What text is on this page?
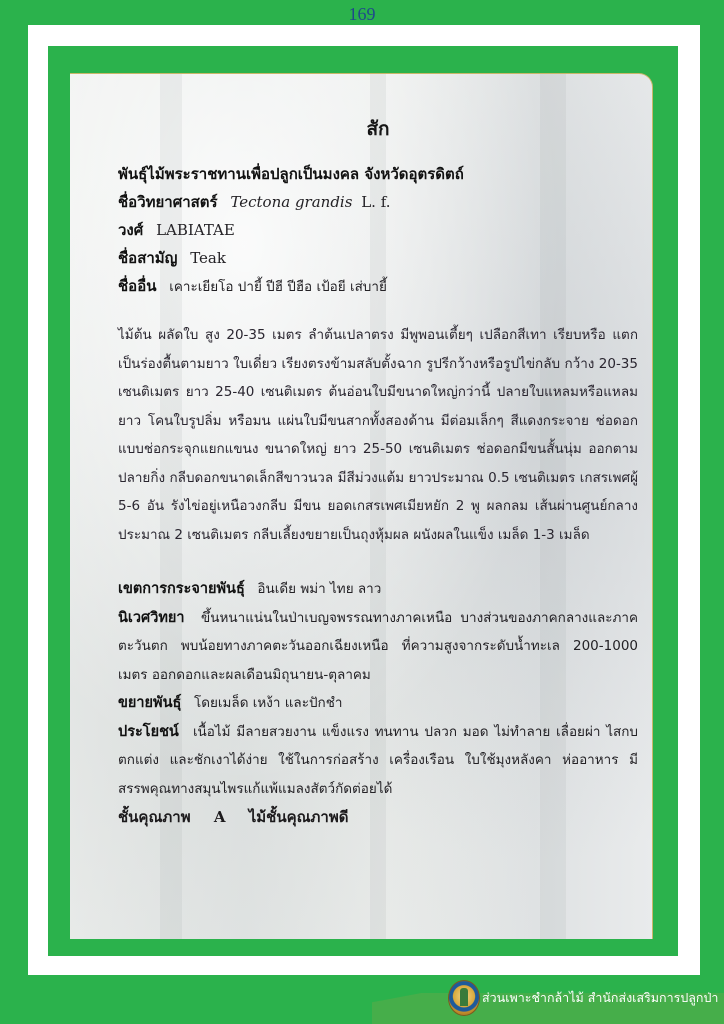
169
สัก
พันธุ์ไม้พระราชทานเพื่อปลูกเป็นมงคล จังหวัดอุตรดิตถ์
ชื่อวิทยาศาสตร์ Tectona grandis L. f.
วงศ์ LABIATAE
ชื่อสามัญ Teak
ชื่ออื่น เคาะเยียโอ ปายี้ ปีฮี ปีฮือ เป้อยี เส่บายี้
ไม้ต้น ผลัดใบ สูง 20-35 เมตร ลำต้นเปลาตรง มีพูพอนเตี้ยๆ เปลือกสีเทา เรียบหรือ แตกเป็นร่องตื้นตามยาว ใบเดี่ยว เรียงตรงข้ามสลับตั้งฉาก รูปรีกว้างหรือรูปไข่กลับ กว้าง 20-35 เซนติเมตร ยาว 25-40 เซนติเมตร ต้นอ่อนใบมีขนาดใหญ่กว่านี้ ปลายใบแหลมหรือแหลมยาว โคนใบรูปลิ่ม หรือมน แผ่นใบมีขนสากทั้งสองด้าน มีต่อมเล็กๆ สีแดงกระจาย ช่อดอกแบบช่อกระจุกแยกแขนง ขนาดใหญ่ ยาว 25-50 เซนติเมตร ช่อดอกมีขนสั้นนุ่ม ออกตามปลายกิ่ง กลีบดอกขนาดเล็กสีขาวนวล มีสีม่วงแต้ม ยาวประมาณ 0.5 เซนติเมตร เกสรเพศผู้ 5-6 อัน รังไข่อยู่เหนือวงกลีบ มีขน ยอดเกสรเพศเมียหยัก 2 พู ผลกลม เส้นผ่านศูนย์กลางประมาณ 2 เซนติเมตร กลีบเลี้ยงขยายเป็นถุงหุ้มผล ผนังผลในแข็ง เมล็ด 1-3 เมล็ด
เขตการกระจายพันธุ์ อินเดีย พม่า ไทย ลาว
นิเวศวิทยา ขึ้นหนาแน่นในป่าเบญจพรรณทางภาคเหนือ บางส่วนของภาคกลางและภาคตะวันตก พบน้อยทางภาคตะวันออกเฉียงเหนือ ที่ความสูงจากระดับน้ำทะเล 200-1000 เมตร ออกดอกและผลเดือนมิถุนายน-ตุลาคม
ขยายพันธุ์ โดยเมล็ด เหง้า และปักชำ
ประโยชน์ เนื้อไม้ มีลายสวยงาน แข็งแรง ทนทาน ปลวก มอด ไม่ทำลาย เลื่อยผ่า ไสกบตกแต่ง และชักเงาได้ง่าย ใช้ในการก่อสร้าง เครื่องเรือน ใบใช้มุงหลังคา ห่ออาหาร มีสรรพคุณทางสมุนไพรแก้แพ้แมลงสัตว์กัดต่อยได้
ชั้นคุณภาพ A ไม้ชั้นคุณภาพดี
ส่วนเพาะชำกล้าไม้ สำนักส่งเสริมการปลูกป่า
